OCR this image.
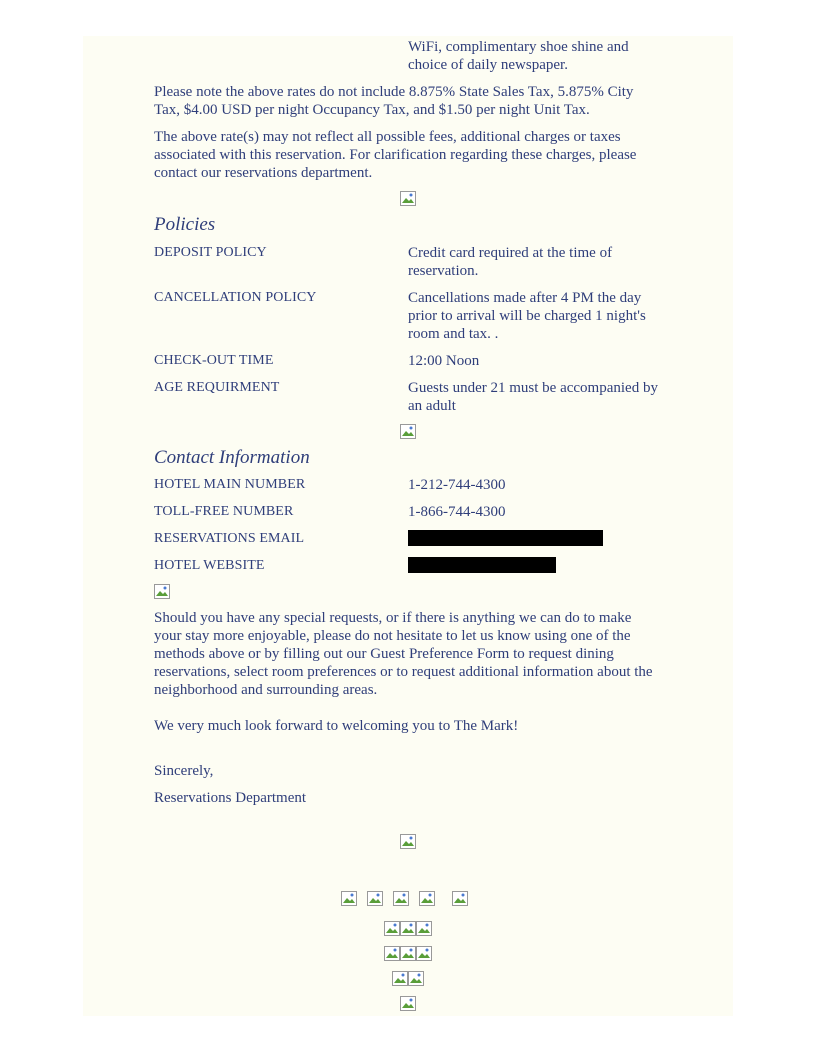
WiFi, complimentary shoe shine and choice of daily newspaper.
Please note the above rates do not include 8.875% State Sales Tax, 5.875% City Tax, $4.00 USD per night Occupancy Tax, and $1.50 per night Unit Tax.
The above rate(s) may not reflect all possible fees, additional charges or taxes associated with this reservation. For clarification regarding these charges, please contact our reservations department.
Policies
DEPOSIT POLICY	Credit card required at the time of reservation.
CANCELLATION POLICY	Cancellations made after 4 PM the day prior to arrival will be charged 1 night's room and tax. .
CHECK-OUT TIME	12:00 Noon
AGE REQUIRMENT	Guests under 21 must be accompanied by an adult
Contact Information
HOTEL MAIN NUMBER	1-212-744-4300
TOLL-FREE NUMBER	1-866-744-4300
RESERVATIONS EMAIL
HOTEL WEBSITE
Should you have any special requests, or if there is anything we can do to make your stay more enjoyable, please do not hesitate to let us know using one of the methods above or by filling out our Guest Preference Form to request dining reservations, select room preferences or to request additional information about the neighborhood and surrounding areas.
We very much look forward to welcoming you to The Mark!
Sincerely,
Reservations Department
